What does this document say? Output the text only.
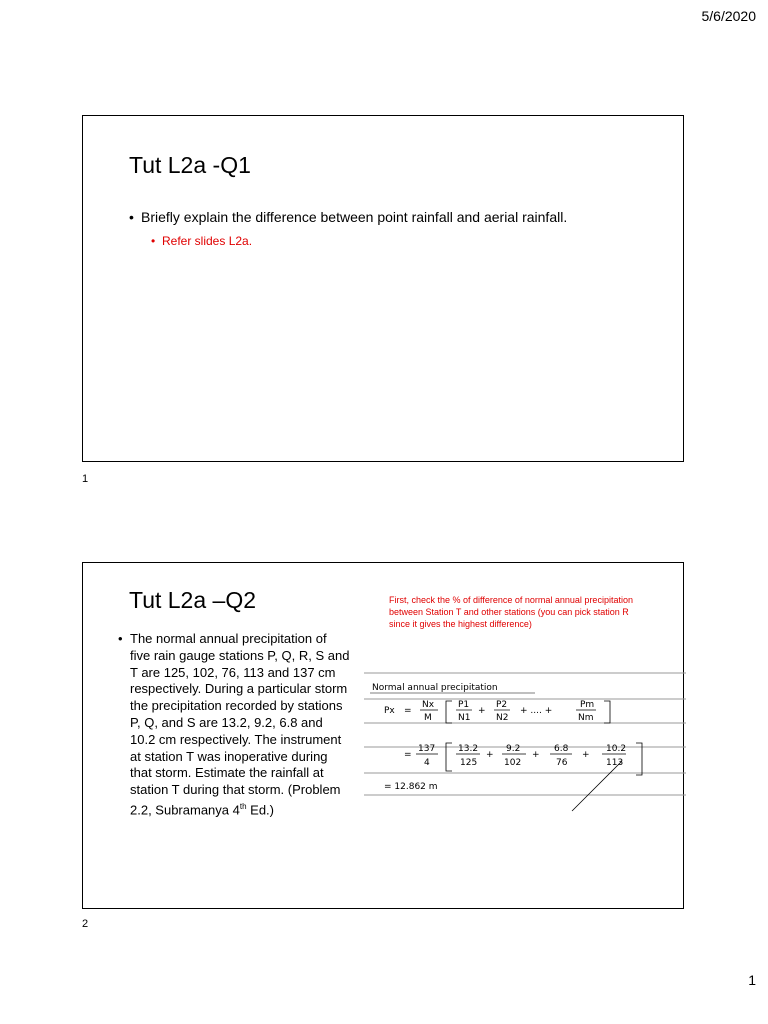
5/6/2020
Tut L2a -Q1
• Briefly explain the difference between point rainfall and aerial rainfall.
• Refer slides L2a.
1
Tut L2a –Q2
• The normal annual precipitation of five rain gauge stations P, Q, R, S and T are 125, 102, 76, 113 and 137 cm respectively. During a particular storm the precipitation recorded by stations P, Q, and S are 13.2, 9.2, 6.8 and 10.2 cm respectively. The instrument at station T was inoperative during that storm. Estimate the rainfall at station T during that storm. (Problem 2.2, Subramanya 4th Ed.)
First, check the % of difference of normal annual precipitation between Station T and other stations (you can pick station R since it gives the highest difference)
2
Normal annual precipitation
Px =
Nx
M
P1
N1
+
P2
N2
+ .... +
Pm
Nm
=
137
4
13.2
125
+
9.2
102
+
6.8
76
+
10.2
113
= 12.862 m
1
